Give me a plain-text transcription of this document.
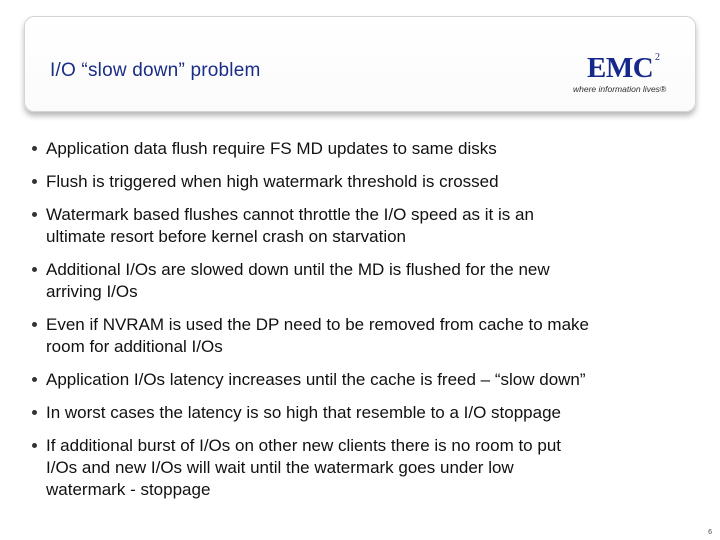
I/O “slow down” problem	EMC 2
where information lives®
Application data flush require FS MD updates to same disks
Flush is triggered when high watermark threshold is crossed
Watermark based flushes cannot throttle the I/O speed as it is an
ultimate resort before kernel crash on starvation
Additional I/Os are slowed down until the MD is flushed for the new
arriving I/Os
Even if NVRAM is used the DP need to be removed from cache to make
room for additional I/Os
Application I/Os latency increases until the cache is freed – “slow down”
In worst cases the latency is so high that resemble to a I/O stoppage
If additional burst of I/Os on other new clients there is no room to put
I/Os and new I/Os will wait until the watermark goes under low
watermark - stoppage
6
